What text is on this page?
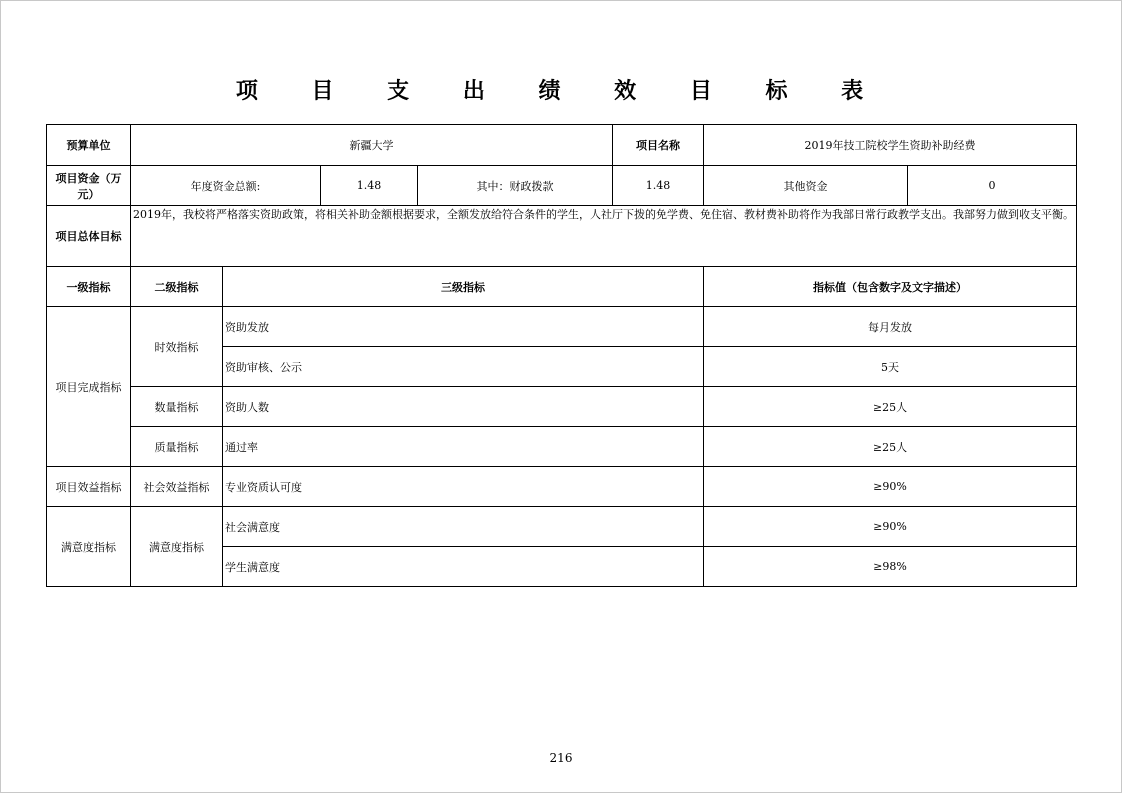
项 目 支 出 绩 效 目 标 表
预算单位	新疆大学				项目名称	2019年技工院校学生资助补助经费	
项目资金（万元）	年度资金总额:		1.48	其中：财政拨款	1.48	其他资金	0
项目总体目标	2019年，我校将严格落实资助政策，将相关补助金额根据要求，全额发放给符合条件的学生，人社厅下拨的免学费、免住宿、教材费补助将作为我部日常行政教学支出。我部努力做到收支平衡。						
一级指标	二级指标	三级指标				指标值（包含数字及文字描述）	
项目完成指标	时效指标	资助发放				每月发放	
		资助审核、公示				5天	
	数量指标	资助人数				≥25人	
	质量指标	通过率				≥25人	
项目效益指标	社会效益指标	专业资质认可度				≥90%	
满意度指标	满意度指标	社会满意度				≥90%	
		学生满意度				≥98%	
216
